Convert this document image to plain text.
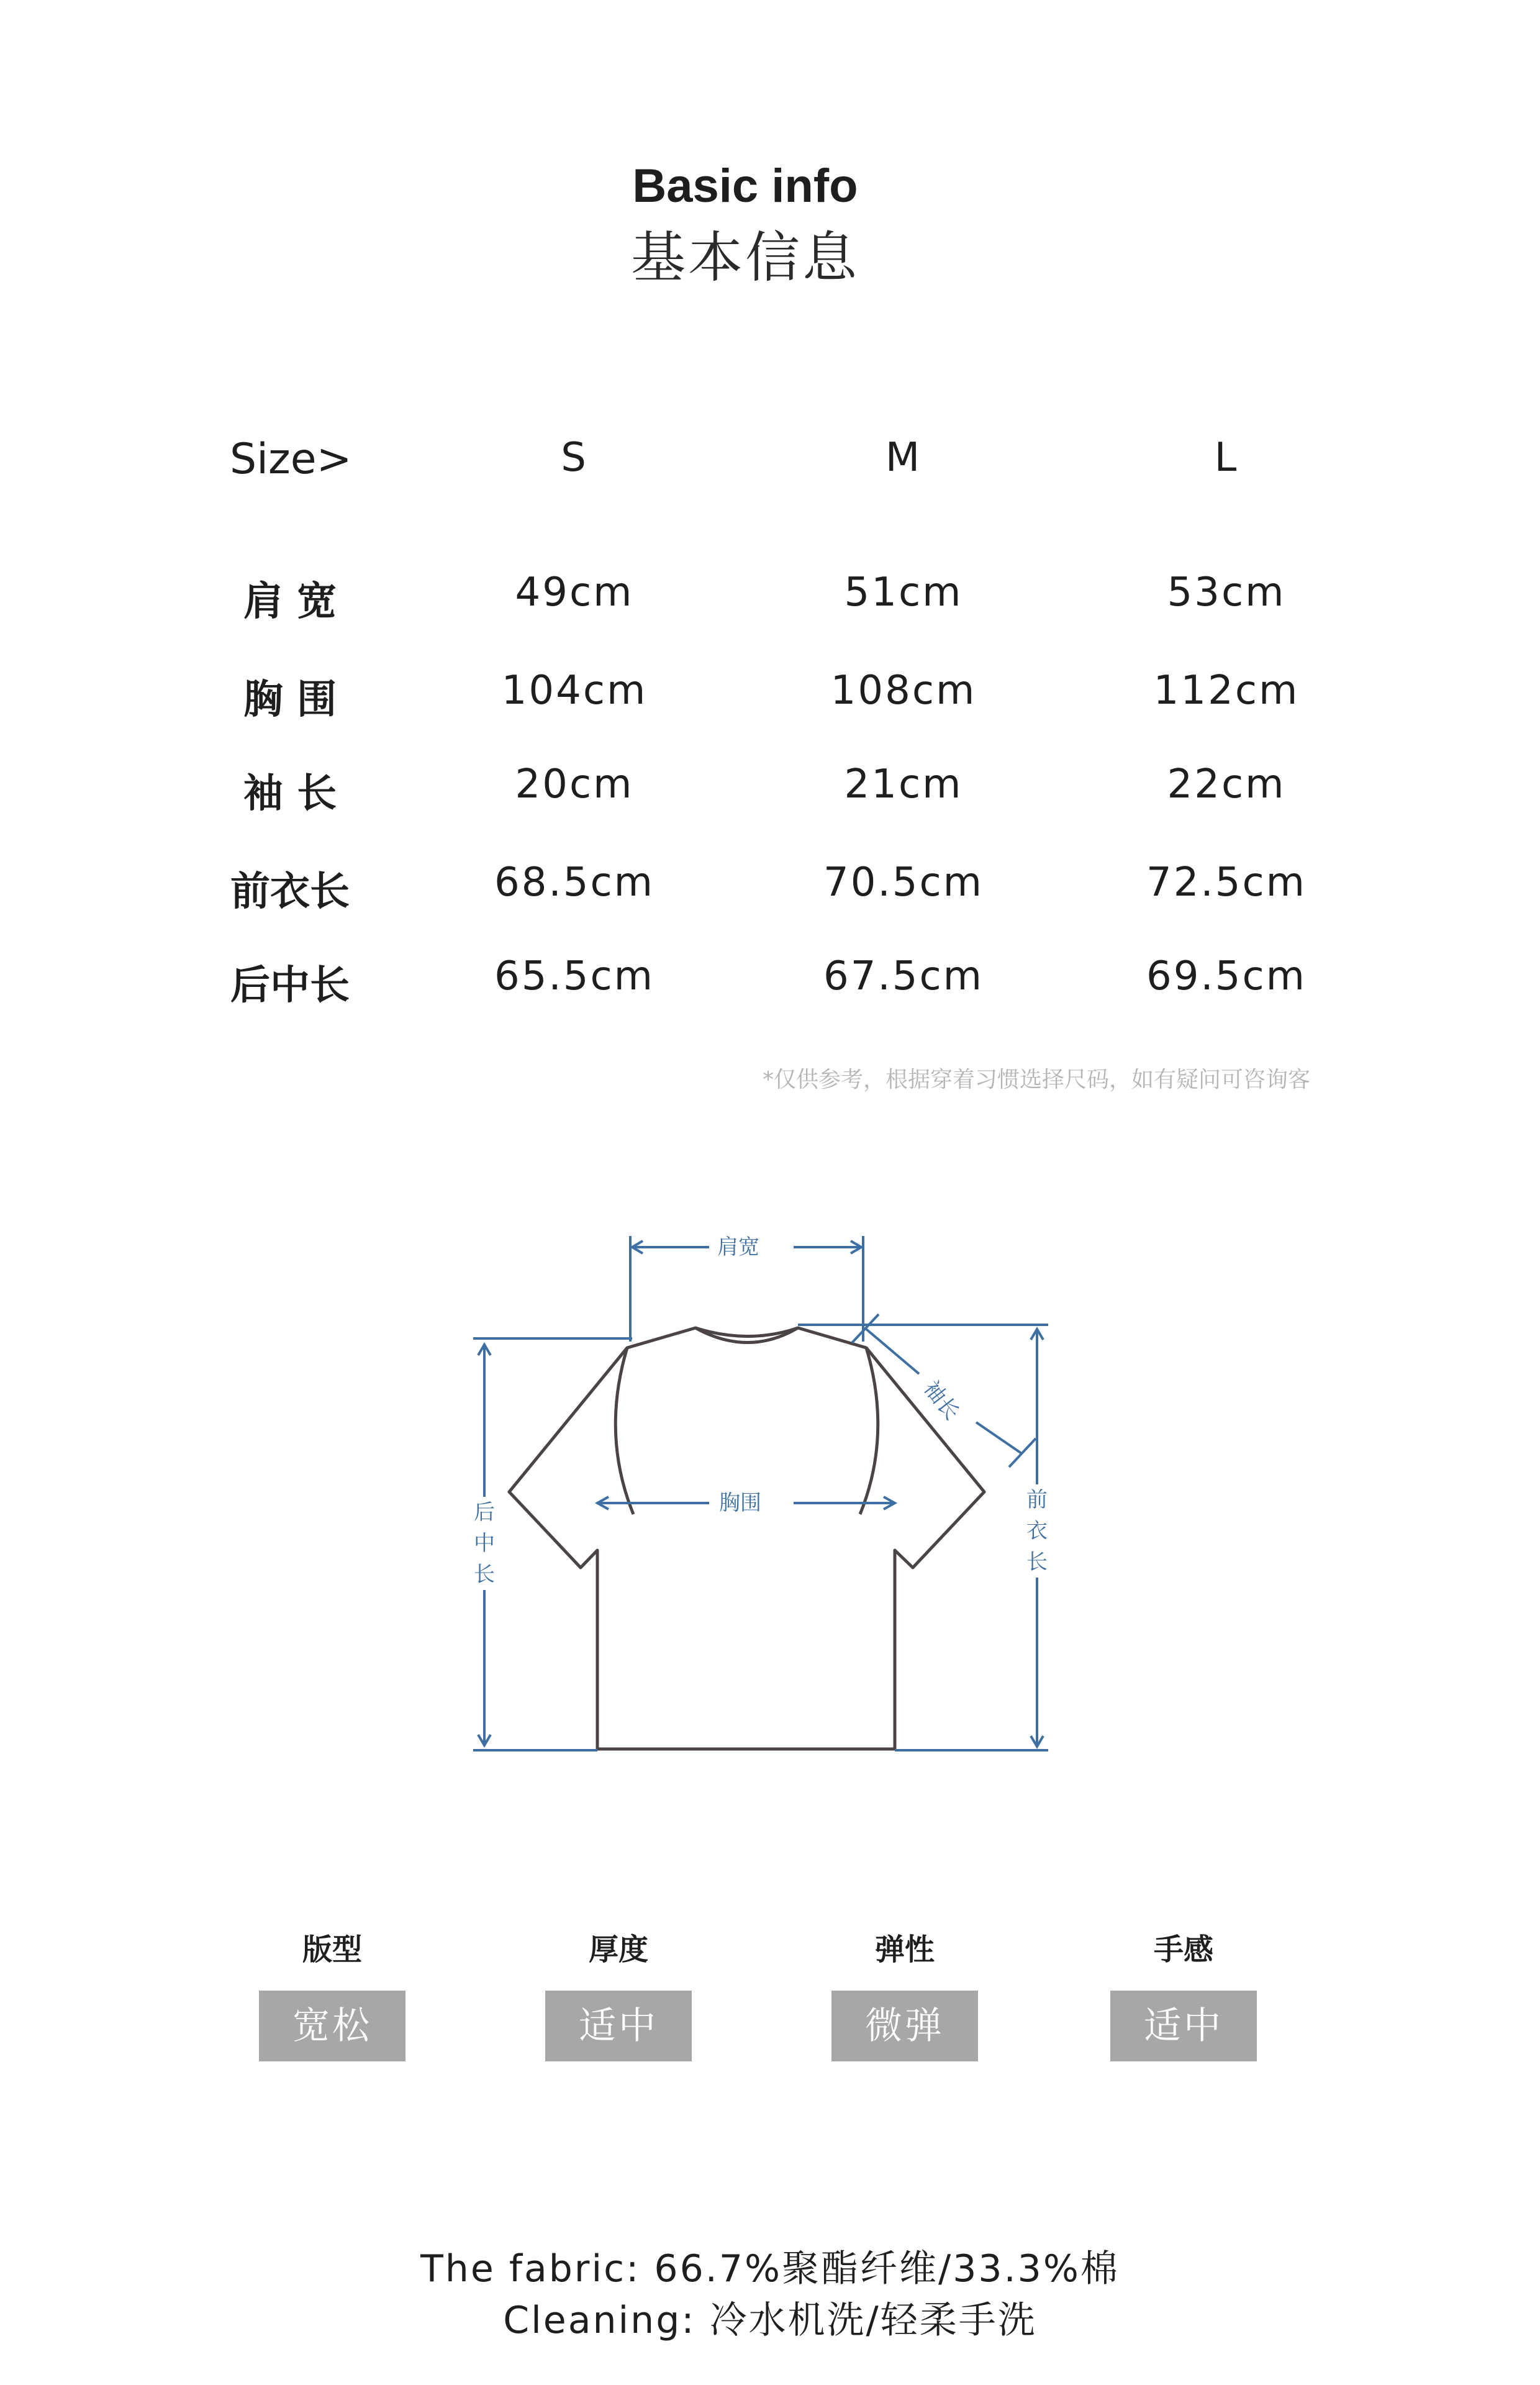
Basic info
基本信息
Size>	S	M	L
肩 宽	49cm	51cm	53cm
胸 围	104cm	108cm	112cm
袖 长	20cm	21cm	22cm
前衣长	68.5cm	70.5cm	72.5cm
后中长	65.5cm	67.5cm	69.5cm
*仅供参考，根据穿着习惯选择尺码，如有疑问可咨询客
肩宽
胸围
袖长
后
中
长
前
衣
长
版型
宽松
厚度
适中
弹性
微弹
手感
适中
The fabric: 66.7%聚酯纤维/33.3%棉
Cleaning: 冷水机洗/轻柔手洗
